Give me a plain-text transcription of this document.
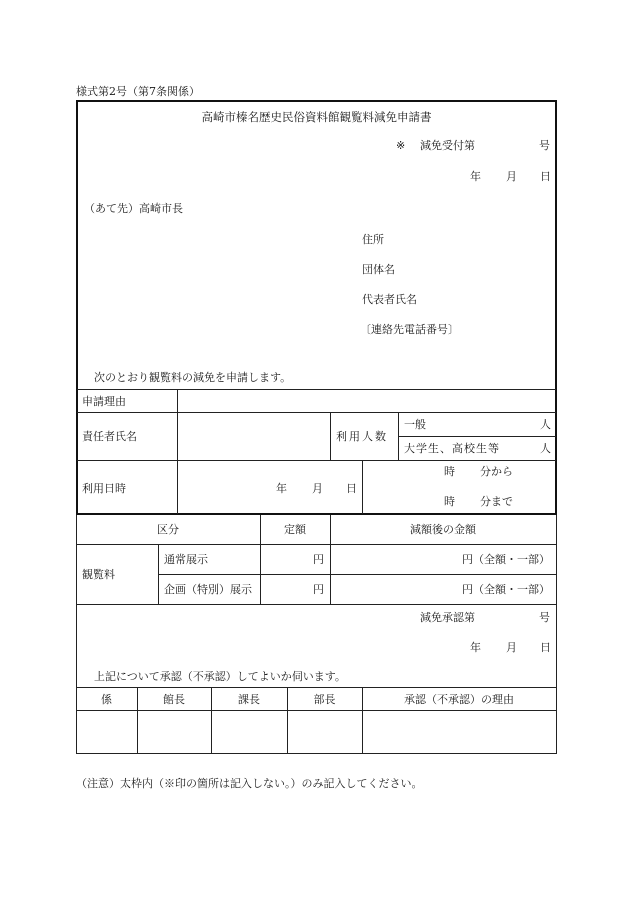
様式第2号（第7条関係）
高崎市榛名歴史民俗資料館観覧料減免申請書
※ 減免受付第	号
年 月 日
（あて先）高崎市長
住所
団体名
代表者氏名
〔連絡先電話番号〕
次のとおり観覧料の減免を申請します。
申請理由
責任者氏名	利用人数
一般	人
大学生、高校生等	人
利用日時	年 月 日
時 分から
時 分まで
区分	定額	減額後の金額
観覧料
通常展示	円	円（全額・一部）
企画（特別）展示	円	円（全額・一部）
減免承認第	号
年 月 日
上記について承認（不承認）してよいか伺います。
係	館長	課長	部長	承認（不承認）の理由
（注意）太枠内（※印の箇所は記入しない。）のみ記入してください。
